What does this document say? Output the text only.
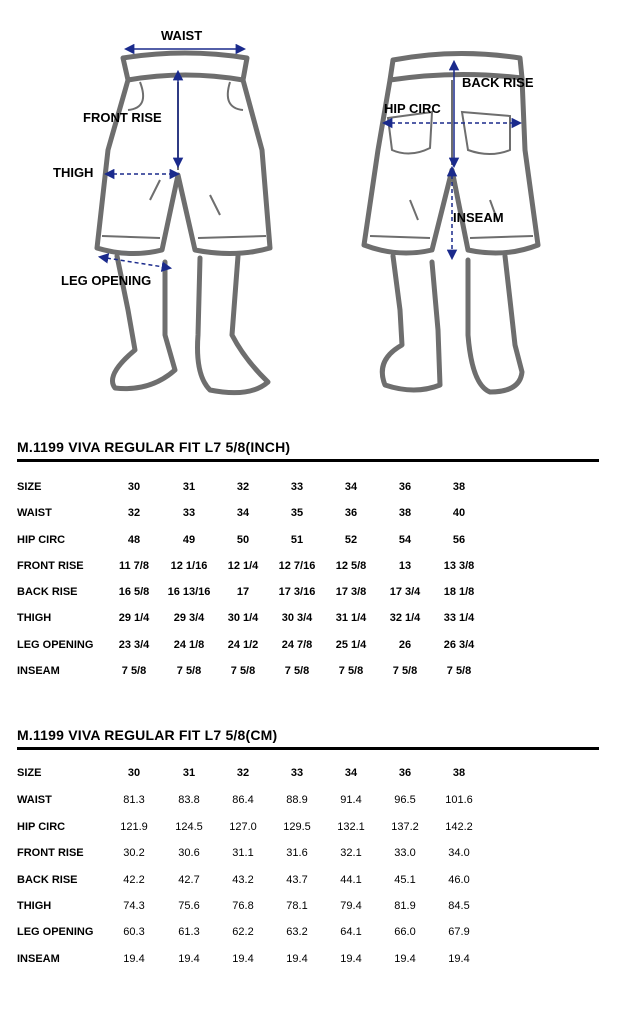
WAIST
FRONT RISE
THIGH
LEG OPENING
BACK RISE
HIP CIRC
INSEAM
M.1199 VIVA REGULAR FIT L7 5/8(INCH)
SIZE	30	31	32	33	34	36	38
WAIST	32	33	34	35	36	38	40
HIP CIRC	48	49	50	51	52	54	56
FRONT RISE	11 7/8	12 1/16	12 1/4	12 7/16	12 5/8	13	13 3/8
BACK RISE	16 5/8	16 13/16	17	17 3/16	17 3/8	17 3/4	18 1/8
THIGH	29 1/4	29 3/4	30 1/4	30 3/4	31 1/4	32 1/4	33 1/4
LEG OPENING	23 3/4	24 1/8	24 1/2	24 7/8	25 1/4	26	26 3/4
INSEAM	7 5/8	7 5/8	7 5/8	7 5/8	7 5/8	7 5/8	7 5/8
M.1199 VIVA REGULAR FIT L7 5/8(CM)
SIZE	30	31	32	33	34	36	38
WAIST	81.3	83.8	86.4	88.9	91.4	96.5	101.6
HIP CIRC	121.9	124.5	127.0	129.5	132.1	137.2	142.2
FRONT RISE	30.2	30.6	31.1	31.6	32.1	33.0	34.0
BACK RISE	42.2	42.7	43.2	43.7	44.1	45.1	46.0
THIGH	74.3	75.6	76.8	78.1	79.4	81.9	84.5
LEG OPENING	60.3	61.3	62.2	63.2	64.1	66.0	67.9
INSEAM	19.4	19.4	19.4	19.4	19.4	19.4	19.4
